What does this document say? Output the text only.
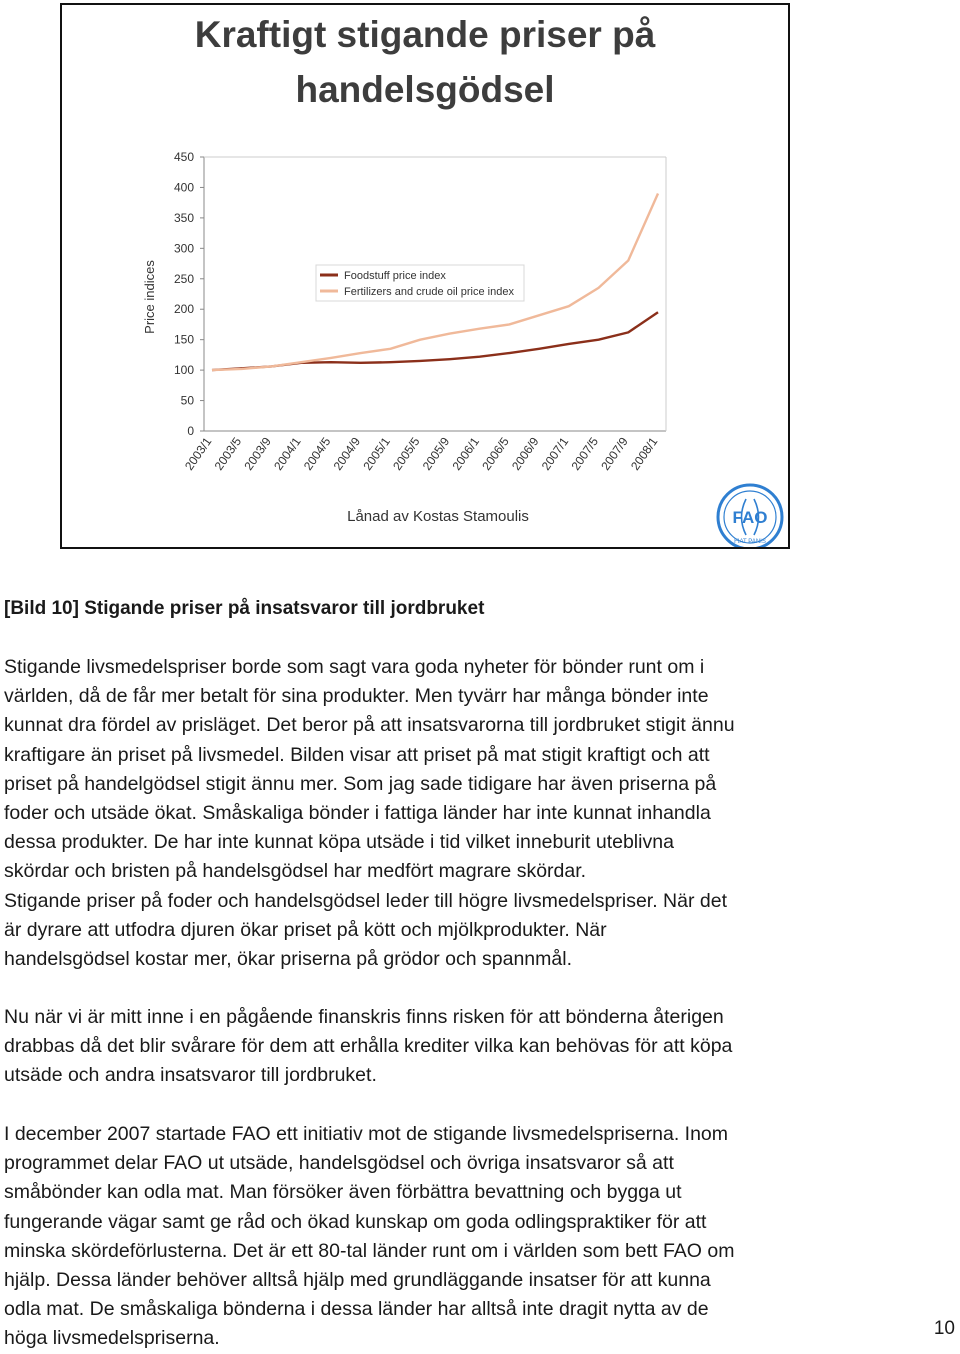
Kraftigt stigande priser på
handelsgödsel
0
50
100
150
200
250
300
350
400
450
2003/1
2003/5
2003/9
2004/1
2004/5
2004/9
2005/1
2005/5
2005/9
2006/1
2006/5
2006/9
2007/1
2007/5
2007/9
2008/1
Price indices	Foodstuff price index
Fertilizers and crude oil price index
Lånad av Kostas Stamoulis	FAO
FIAT PANIS

[Bild 10] Stigande priser på insatsvaror till jordbruket

Stigande livsmedelspriser borde som sagt vara goda nyheter för bönder runt om i
världen, då de får mer betalt för sina produkter. Men tyvärr har många bönder inte
kunnat dra fördel av prisläget. Det beror på att insatsvarorna till jordbruket stigit ännu
kraftigare än priset på livsmedel. Bilden visar att priset på mat stigit kraftigt och att
priset på handelgödsel stigit ännu mer. Som jag sade tidigare har även priserna på
foder och utsäde ökat. Småskaliga bönder i fattiga länder har inte kunnat inhandla
dessa produkter. De har inte kunnat köpa utsäde i tid vilket inneburit uteblivna
skördar och bristen på handelsgödsel har medfört magrare skördar.
Stigande priser på foder och handelsgödsel leder till högre livsmedelspriser. När det
är dyrare att utfodra djuren ökar priset på kött och mjölkprodukter. När
handelsgödsel kostar mer, ökar priserna på grödor och spannmål.

Nu när vi är mitt inne i en pågående finanskris finns risken för att bönderna återigen
drabbas då det blir svårare för dem att erhålla krediter vilka kan behövas för att köpa
utsäde och andra insatsvaror till jordbruket.

I december 2007 startade FAO ett initiativ mot de stigande livsmedelspriserna. Inom
programmet delar FAO ut utsäde, handelsgödsel och övriga insatsvaror så att
småbönder kan odla mat. Man försöker även förbättra bevattning och bygga ut
fungerande vägar samt ge råd och ökad kunskap om goda odlingspraktiker för att
minska skördeförlusterna. Det är ett 80-tal länder runt om i världen som bett FAO om
hjälp. Dessa länder behöver alltså hjälp med grundläggande insatser för att kunna
odla mat. De småskaliga bönderna i dessa länder har alltså inte dragit nytta av de
höga livsmedelspriserna.	10
